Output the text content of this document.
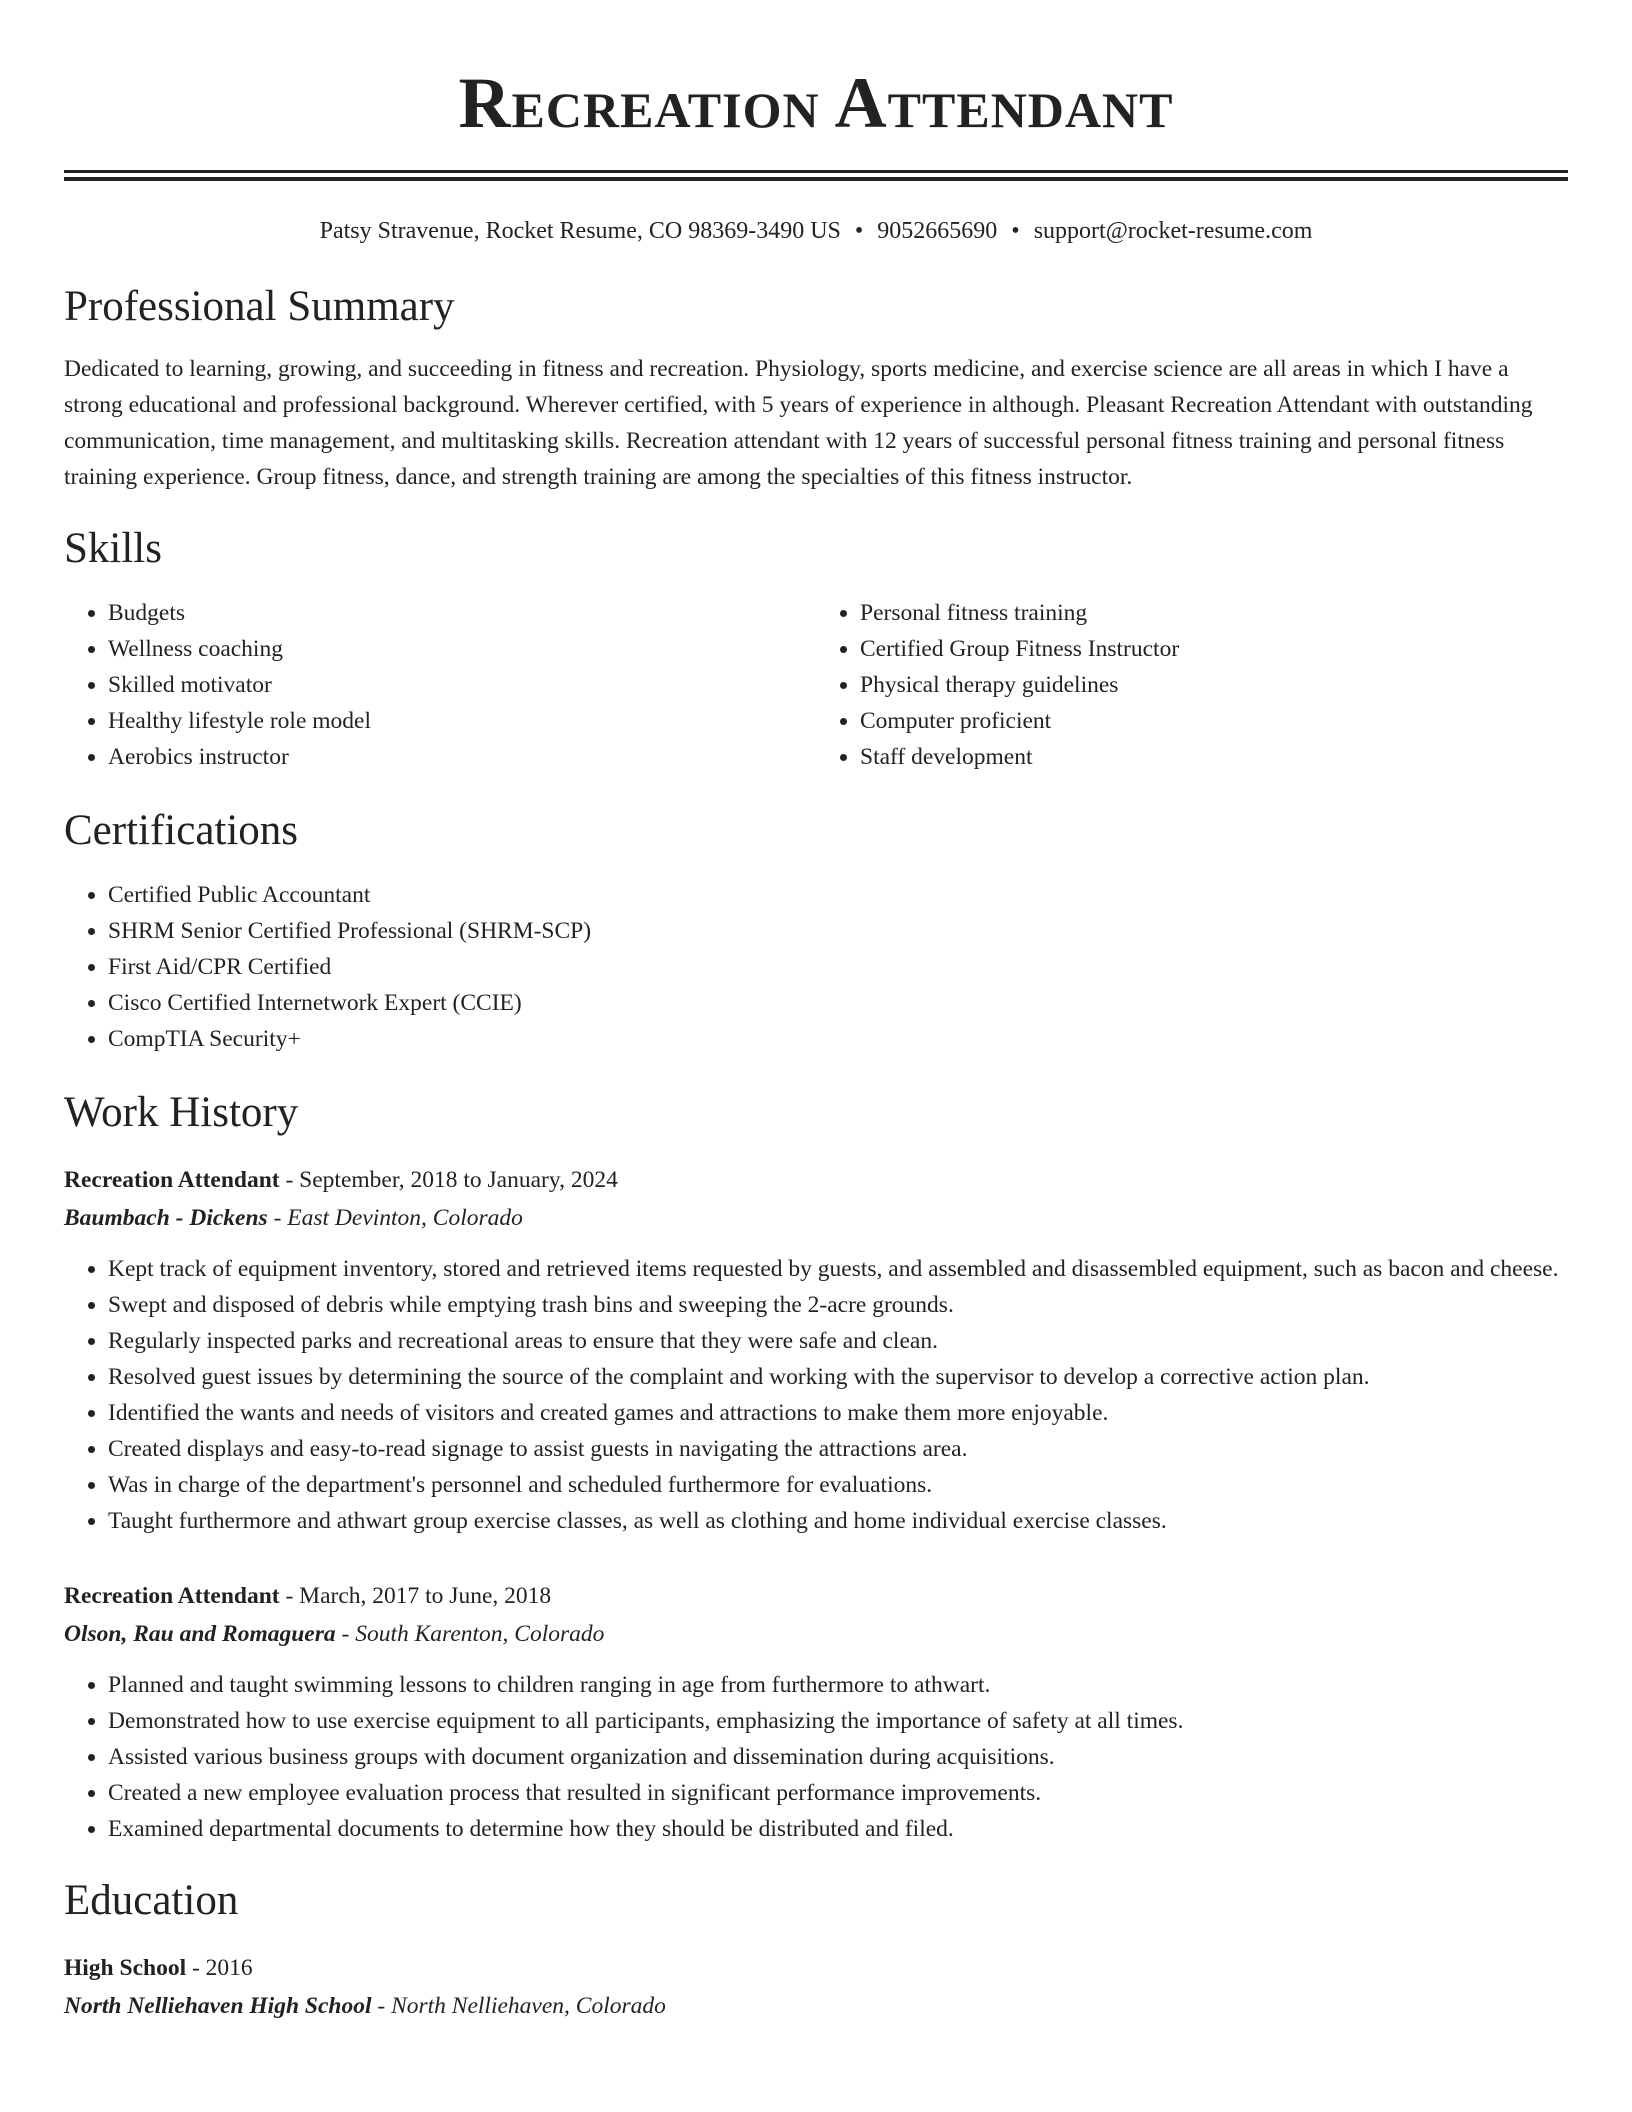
Recreation Attendant
Patsy Stravenue, Rocket Resume, CO 98369-3490 US • 9052665690 • support@rocket-resume.com
Professional Summary

Dedicated to learning, growing, and succeeding in fitness and recreation. Physiology, sports medicine, and exercise science are all areas in which I have a strong educational and professional background. Wherever certified, with 5 years of experience in although. Pleasant Recreation Attendant with outstanding communication, time management, and multitasking skills. Recreation attendant with 12 years of successful personal fitness training and personal fitness training experience. Group fitness, dance, and strength training are among the specialties of this fitness instructor.

Skills
• Budgets
• Wellness coaching
• Skilled motivator
• Healthy lifestyle role model
• Aerobics instructor
• Personal fitness training
• Certified Group Fitness Instructor
• Physical therapy guidelines
• Computer proficient
• Staff development
Certifications
• Certified Public Accountant
• SHRM Senior Certified Professional (SHRM-SCP)
• First Aid/CPR Certified
• Cisco Certified Internetwork Expert (CCIE)
• CompTIA Security+
Work History
Recreation Attendant - September, 2018 to January, 2024
Baumbach - Dickens - East Devinton, Colorado
• Kept track of equipment inventory, stored and retrieved items requested by guests, and assembled and disassembled equipment, such as bacon and cheese.
• Swept and disposed of debris while emptying trash bins and sweeping the 2-acre grounds.
• Regularly inspected parks and recreational areas to ensure that they were safe and clean.
• Resolved guest issues by determining the source of the complaint and working with the supervisor to develop a corrective action plan.
• Identified the wants and needs of visitors and created games and attractions to make them more enjoyable.
• Created displays and easy-to-read signage to assist guests in navigating the attractions area.
• Was in charge of the department's personnel and scheduled furthermore for evaluations.
• Taught furthermore and athwart group exercise classes, as well as clothing and home individual exercise classes.
Recreation Attendant - March, 2017 to June, 2018
Olson, Rau and Romaguera - South Karenton, Colorado
• Planned and taught swimming lessons to children ranging in age from furthermore to athwart.
• Demonstrated how to use exercise equipment to all participants, emphasizing the importance of safety at all times.
• Assisted various business groups with document organization and dissemination during acquisitions.
• Created a new employee evaluation process that resulted in significant performance improvements.
• Examined departmental documents to determine how they should be distributed and filed.
Education
High School - 2016
North Nelliehaven High School - North Nelliehaven, Colorado
